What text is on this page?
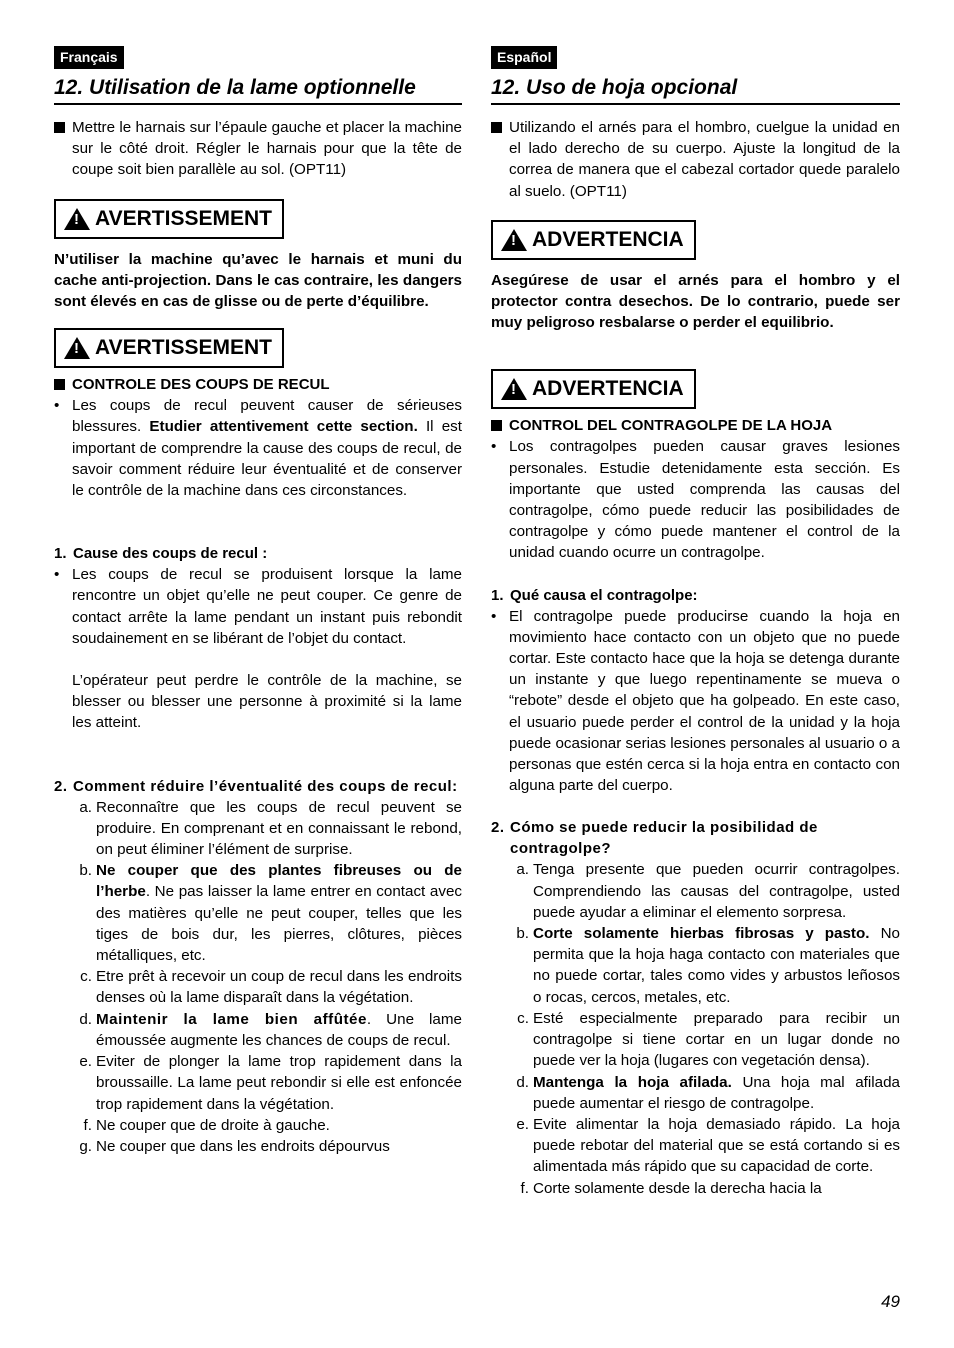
Français
12. Utilisation de la lame optionnelle

Mettre le harnais sur l’épaule gauche et placer la machine sur le côté droit. Régler le harnais pour que la tête de coupe soit bien parallèle au sol. (OPT11)

!
AVERTISSEMENT

N’utiliser la machine qu’avec le harnais et muni du cache anti-projection. Dans le cas contraire, les dangers sont élevés en cas de glisse ou de perte d’équilibre.

!
AVERTISSEMENT
CONTROLE DES COUPS DE RECUL

• Les coups de recul peuvent causer de sérieuses blessures. Etudier attentivement cette section. Il est important de comprendre la cause des coups de recul, de savoir comment réduire leur éventualité et de conserver le contrôle de la machine dans ces circonstances.

1. Cause des coups de recul :

• Les coups de recul se produisent lorsque la lame rencontre un objet qu’elle ne peut couper. Ce genre de contact arrête la lame pendant un instant puis rebondit soudainement en se libérant de l’objet du contact.

L’opérateur peut perdre le contrôle de la machine, se blesser ou blesser une personne à proximité si la lame les atteint.

2. Comment réduire l’éventualité des coups de recul:

a. Reconnaître que les coups de recul peuvent se produire. En comprenant et en connaissant le rebond, on peut éliminer l’élément de surprise.

b. Ne couper que des plantes fibreuses ou de l’herbe. Ne pas laisser la lame entrer en contact avec des matières qu’elle ne peut couper, telles que les tiges de bois dur, les pierres, clôtures, pièces métalliques, etc.

c. Etre prêt à recevoir un coup de recul dans les endroits denses où la lame disparaît dans la végétation.

d. Maintenir la lame bien affûtée. Une lame émoussée augmente les chances de coups de recul.

e. Eviter de plonger la lame trop rapidement dans la broussaille. La lame peut rebondir si elle est enfoncée trop rapidement dans la végétation.

f. Ne couper que de droite à gauche.

g. Ne couper que dans les endroits dépourvus

Español
12. Uso de hoja opcional

Utilizando el arnés para el hombro, cuelgue la unidad en el lado derecho de su cuerpo. Ajuste la longitud de la correa de manera que el cabezal cortador quede paralelo al suelo. (OPT11)

!
ADVERTENCIA

Asegúrese de usar el arnés para el hombro y el protector contra desechos. De lo contrario, puede ser muy peligroso resbalarse o perder el equilibrio.

!
ADVERTENCIA
CONTROL DEL CONTRAGOLPE DE LA HOJA

• Los contragolpes pueden causar graves lesiones personales. Estudie detenidamente esta sección. Es importante que usted comprenda las causas del contragolpe, cómo puede reducir las posibilidades de contragolpe y cómo puede mantener el control de la unidad cuando ocurre un contragolpe.

1. Qué causa el contragolpe:

• El contragolpe puede producirse cuando la hoja en movimiento hace contacto con un objeto que no puede cortar. Este contacto hace que la hoja se detenga durante un instante y que luego repentinamente se mueva o “rebote” desde el objeto que ha golpeado. En este caso, el usuario puede perder el control de la unidad y la hoja puede ocasionar serias lesiones personales al usuario o a personas que estén cerca si la hoja entra en contacto con alguna parte del cuerpo.

2. Cómo se puede reducir la posibilidad de contragolpe?

a. Tenga presente que pueden ocurrir contragolpes. Comprendiendo las causas del contragolpe, usted puede ayudar a eliminar el elemento sorpresa.

b. Corte solamente hierbas fibrosas y pasto. No permita que la hoja haga contacto con materiales que no puede cortar, tales como vides y arbustos leñosos o rocas, cercos, metales, etc.

c. Esté especialmente preparado para recibir un contragolpe si tiene cortar en un lugar donde no puede ver la hoja (lugares con vegetación densa).

d. Mantenga la hoja afilada. Una hoja mal afilada puede aumentar el riesgo de contragolpe.

e. Evite alimentar la hoja demasiado rápido. La hoja puede rebotar del material que se está cortando si es alimentada más rápido que su capacidad de corte.

f. Corte solamente desde la derecha hacia la

49
